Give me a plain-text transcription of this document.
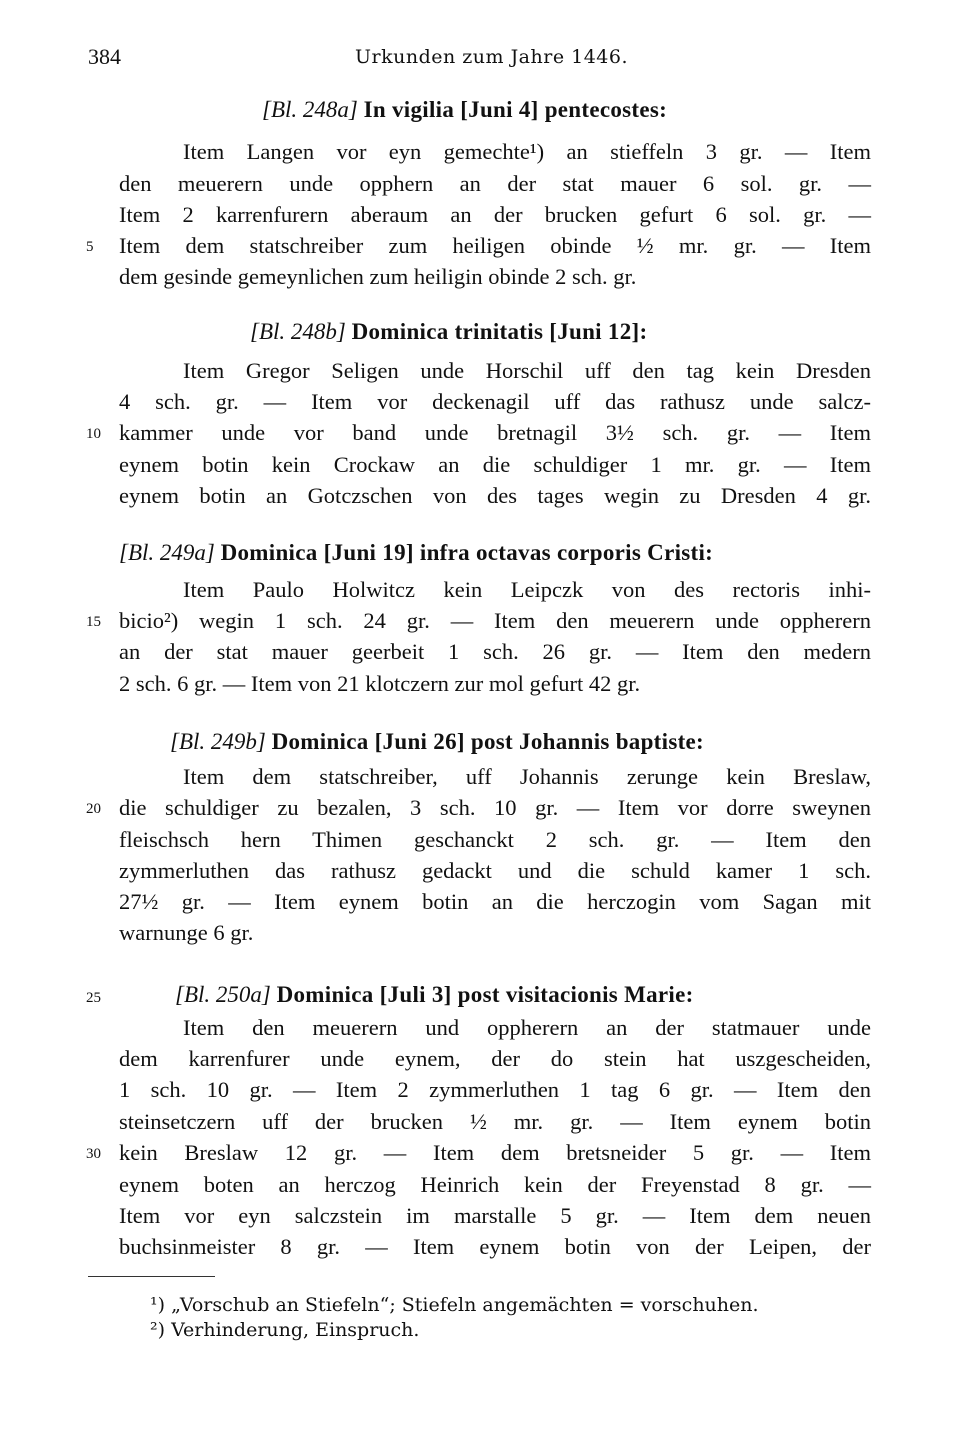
384	Urkunden zum Jahre 1446.
[Bl. 248a] In vigilia [Juni 4] pentecostes:
Item Langen vor eyn gemechte¹) an stieffeln 3 gr. — Item
den meuerern unde opphern an der stat mauer 6 sol. gr. —
Item 2 karrenfurern aberaum an der brucken gefurt 6 sol. gr. —
Item dem statschreiber zum heiligen obinde ½ mr. gr. — Item
dem gesinde gemeynlichen zum heiligin obinde 2 sch. gr.
[Bl. 248b] Dominica trinitatis [Juni 12]:
Item Gregor Seligen unde Horschil uff den tag kein Dresden
4 sch. gr. — Item vor deckenagil uff das rathusz unde salcz-
kammer unde vor band unde bretnagil 3½ sch. gr. — Item
eynem botin kein Crockaw an die schuldiger 1 mr. gr. — Item
eynem botin an Gotczschen von des tages wegin zu Dresden 4 gr.
[Bl. 249a] Dominica [Juni 19] infra octavas corporis Cristi:
Item Paulo Holwitcz kein Leipczk von des rectoris inhi-
bicio²) wegin 1 sch. 24 gr. — Item den meuerern unde oppherern
an der stat mauer geerbeit 1 sch. 26 gr. — Item den medern
2 sch. 6 gr. — Item von 21 klotczern zur mol gefurt 42 gr.
[Bl. 249b] Dominica [Juni 26] post Johannis baptiste:
Item dem statschreiber, uff Johannis zerunge kein Breslaw,
die schuldiger zu bezalen, 3 sch. 10 gr. — Item vor dorre sweynen
fleischsch hern Thimen geschanckt 2 sch. gr. — Item den
zymmerluthen das rathusz gedackt und die schuld kamer 1 sch.
27½ gr. — Item eynem botin an die herczogin vom Sagan mit
warnunge 6 gr.
[Bl. 250a] Dominica [Juli 3] post visitacionis Marie:
Item den meuerern und oppherern an der statmauer unde
dem karrenfurer unde eynem, der do stein hat uszgescheiden,
1 sch. 10 gr. — Item 2 zymmerluthen 1 tag 6 gr. — Item den
steinsetczern uff der brucken ½ mr. gr. — Item eynem botin
kein Breslaw 12 gr. — Item dem bretsneider 5 gr. — Item
eynem boten an herczog Heinrich kein der Freyenstad 8 gr. —
Item vor eyn salczstein im marstalle 5 gr. — Item dem neuen
buchsinmeister 8 gr. — Item eynem botin von der Leipen, der
5
10
15
20
25
30
¹) „Vorschub an Stiefeln“; Stiefeln angemächten = vorschuhen.
²) Verhinderung, Einspruch.
